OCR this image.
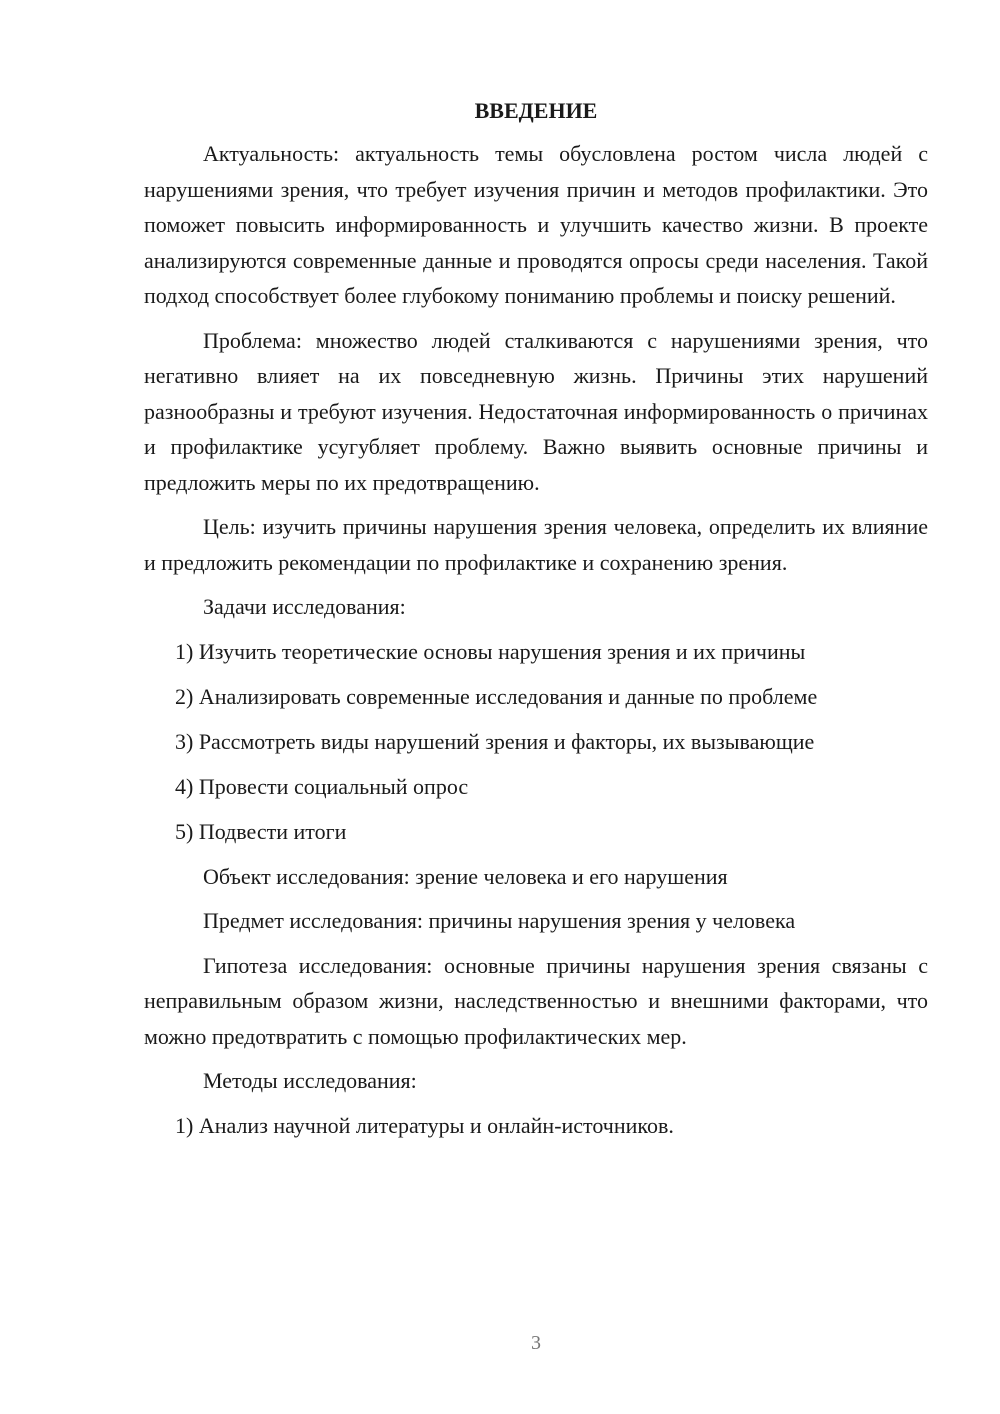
ВВЕДЕНИЕ

Актуальность: актуальность темы обусловлена ростом числа людей с нарушениями зрения, что требует изучения причин и методов профилактики. Это поможет повысить информированность и улучшить качество жизни. В проекте анализируются современные данные и проводятся опросы среди населения. Такой подход способствует более глубокому пониманию проблемы и поиску решений.

Проблема: множество людей сталкиваются с нарушениями зрения, что негативно влияет на их повседневную жизнь. Причины этих нарушений разнообразны и требуют изучения. Недостаточная информированность о причинах и профилактике усугубляет проблему. Важно выявить основные причины и предложить меры по их предотвращению.

Цель: изучить причины нарушения зрения человека, определить их влияние и предложить рекомендации по профилактике и сохранению зрения.

Задачи исследования:

1) Изучить теоретические основы нарушения зрения и их причины
2) Анализировать современные исследования и данные по проблеме
3) Рассмотреть виды нарушений зрения и факторы, их вызывающие
4) Провести социальный опрос
5) Подвести итоги

Объект исследования: зрение человека и его нарушения

Предмет исследования: причины нарушения зрения у человека

Гипотеза исследования: основные причины нарушения зрения связаны с неправильным образом жизни, наследственностью и внешними факторами, что можно предотвратить с помощью профилактических мер.

Методы исследования:

1) Анализ научной литературы и онлайн-источников.
3
